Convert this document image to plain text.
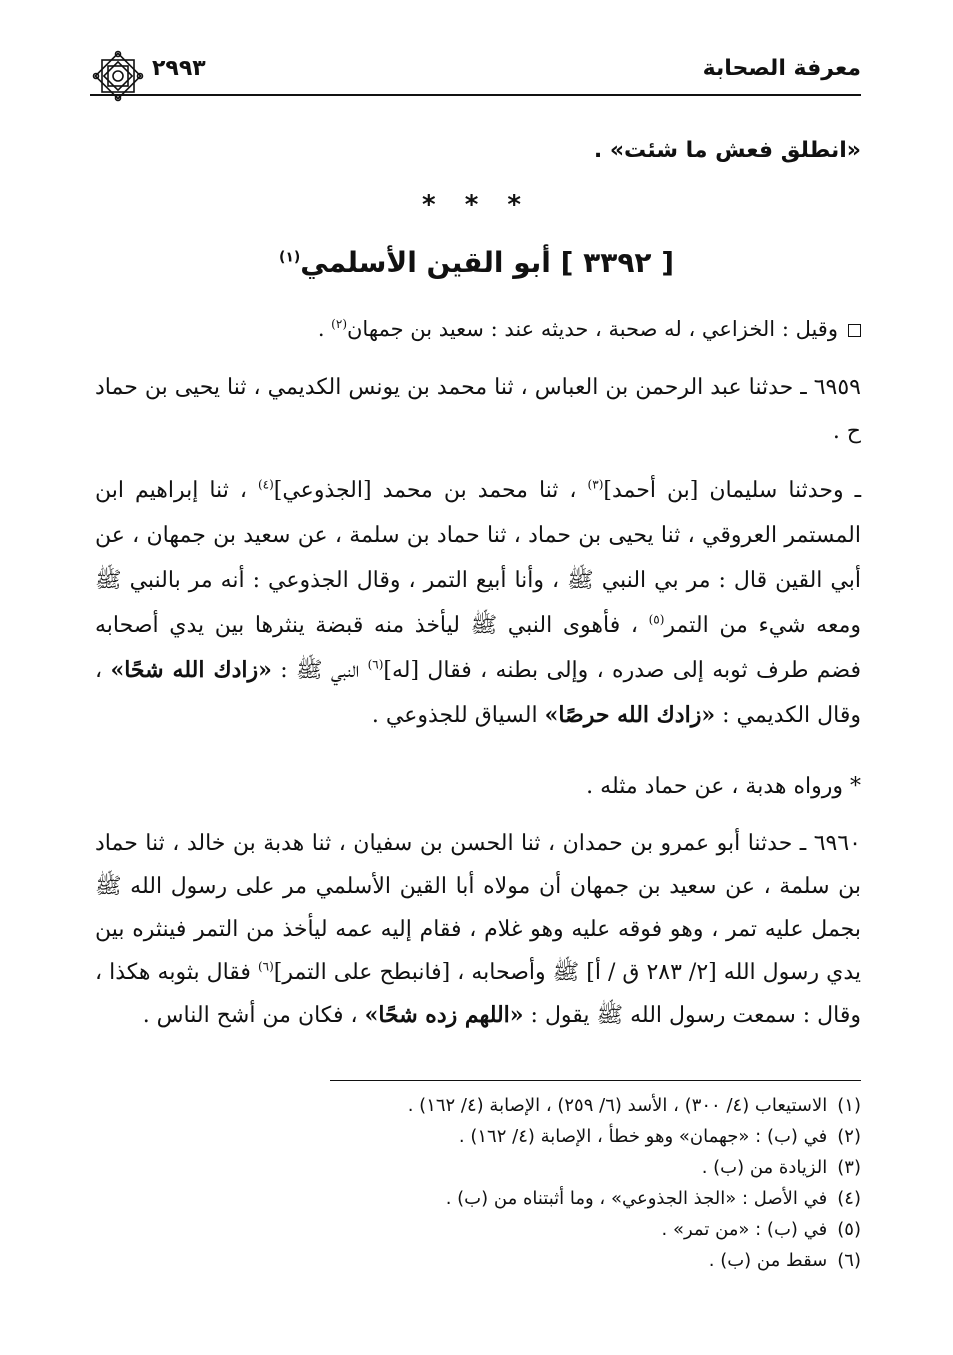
معرفة الصحابة
٢٩٩٣
«انطلق فعش ما شئت» .
* * *
[ ٣٣٩٢ ] أبو القين الأسلمي$^{(١)}$
وقيل : الخزاعي ، له صحبة ، حديثه عند : سعيد بن جمهان$^{(٢)}$ .
٦٩٥٩ ـ حدثنا عبد الرحمن بن العباس ، ثنا محمد بن يونس الكديمي ، ثنا يحيى بن حماد ح .
ـ وحدثنا سليمان [بن أحمد]$^{(٣)}$ ، ثنا محمد بن محمد [الجذوعي]$^{(٤)}$ ، ثنا إبراهيم ابن المستمر العروقي ، ثنا يحيى بن حماد ، ثنا حماد بن سلمة ، عن سعيد بن جمهان ، عن أبي القين قال : مر بي النبي ﷺ ، وأنا أبيع التمر ، وقال الجذوعي : أنه مر بالنبي ﷺ ومعه شيء من التمر$^{(٥)}$ ، فأهوى النبي ﷺ ليأخذ منه قبضة ينثرها بين يدي أصحابه فضم طرف ثوبه إلى صدره ، وإلى بطنه ، فقال [له]$^{(٦)}$ النبي ﷺ : «زادك الله شحًا» ، وقال الكديمي : «زادك الله حرصًا» السياق للجذوعي .
* ورواه هدبة ، عن حماد مثله .
٦٩٦٠ ـ حدثنا أبو عمرو بن حمدان ، ثنا الحسن بن سفيان ، ثنا هدبة بن خالد ، ثنا حماد بن سلمة ، عن سعيد بن جمهان أن مولاه أبا القين الأسلمي مر على رسول الله ﷺ بجمل عليه تمر ، وهو فوقه عليه وهو غلام ، فقام إليه عمه ليأخذ من التمر فينثره بين يدي رسول الله [٢/ ٢٨٣ ق / أ] ﷺ وأصحابه ، [فانبطح على التمر]$^{(٦)}$ فقال بثوبه هكذا ، وقال : سمعت رسول الله ﷺ يقول : «اللهم زده شحًا» ، فكان من أشح الناس .
(١)الاستيعاب (٤/ ٣٠٠) ، الأسد (٦/ ٢٥٩) ، الإصابة (٤/ ١٦٢) .
(٢)في (ب) : «جهمان» وهو خطأ ، الإصابة (٤/ ١٦٢) .
(٣)الزيادة من (ب) .
(٤)في الأصل : «الجذ الجذوعي» ، وما أثبتناه من (ب) .
(٥)في (ب) : «من تمر» .
(٦)سقط من (ب) .
